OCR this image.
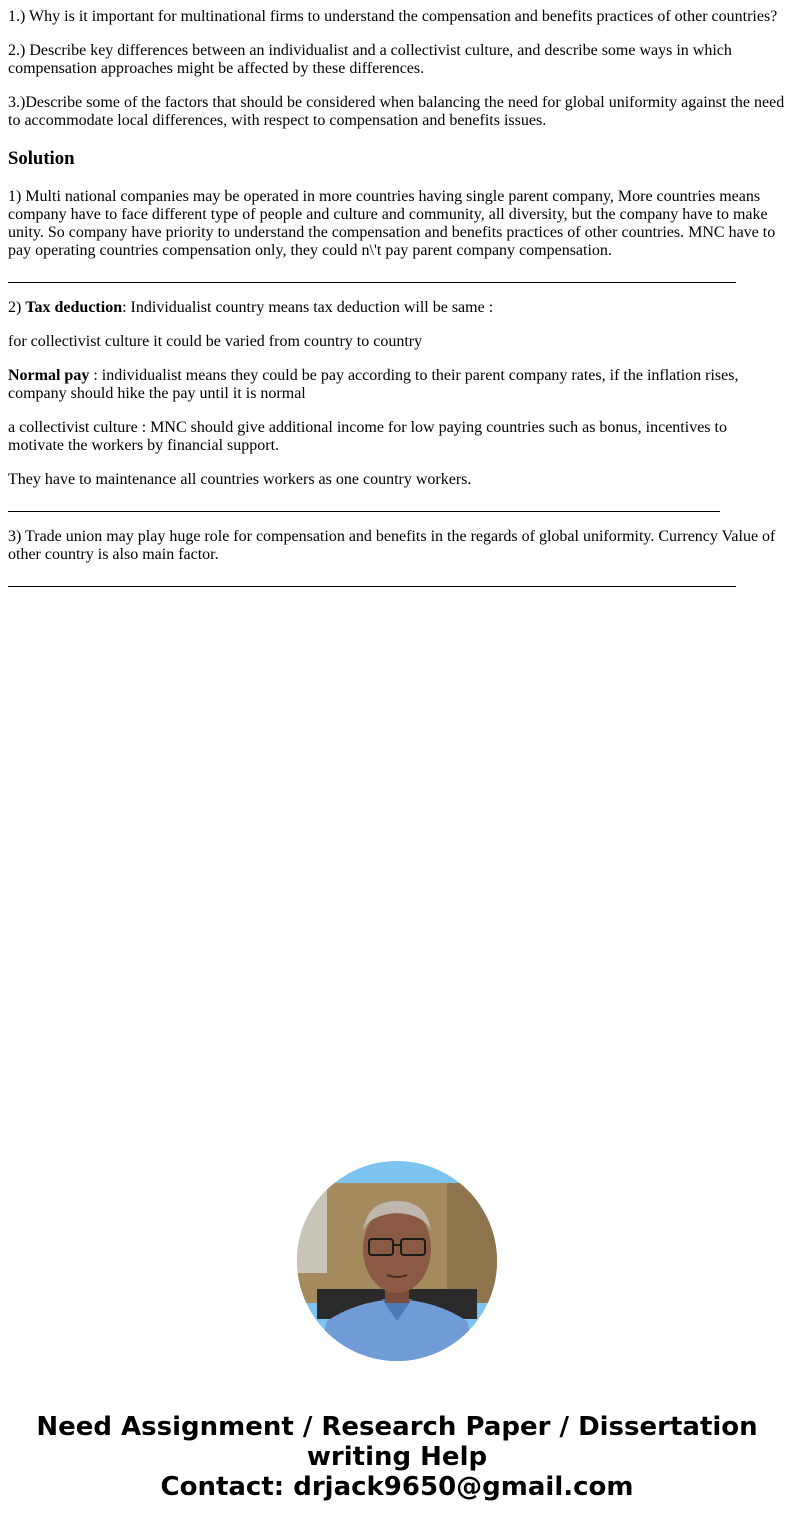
1.) Why is it important for multinational firms to understand the compensation and benefits practices of other countries?

2.) Describe key differences between an individualist and a collectivist culture, and describe some ways in which compensation approaches might be affected by these differences.

3.)Describe some of the factors that should be considered when balancing the need for global uniformity against the need to accommodate local differences, with respect to compensation and benefits issues.

Solution

1) Multi national companies may be operated in more countries having single parent company, More countries means company have to face different type of people and culture and community, all diversity, but the company have to make unity. So company have priority to understand the compensation and benefits practices of other countries. MNC have to pay operating countries compensation only, they could n\'t pay parent company compensation.

2) Tax deduction: Individualist country means tax deduction will be same :

for collectivist culture it could be varied from country to country

Normal pay : individualist means they could be pay according to their parent company rates, if the inflation rises, company should hike the pay until it is normal

a collectivist culture : MNC should give additional income for low paying countries such as bonus, incentives to motivate the workers by financial support.

They have to maintenance all countries workers as one country workers.

3) Trade union may play huge role for compensation and benefits in the regards of global uniformity. Currency Value of other country is also main factor.

Need Assignment / Research Paper / Dissertation
writing Help
Contact: drjack9650@gmail.com
